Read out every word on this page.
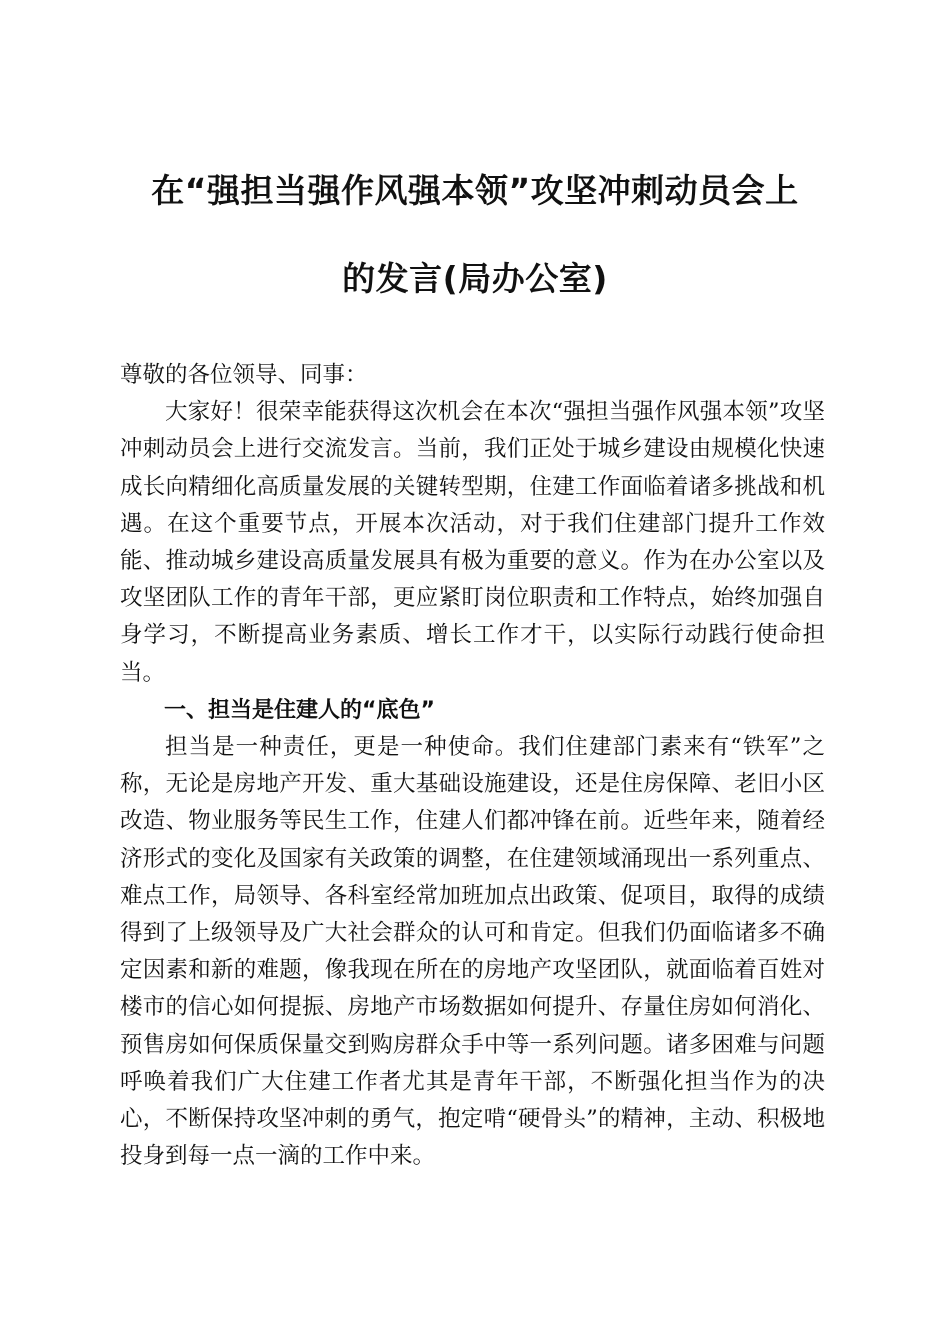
在“强担当强作风强本领”攻坚冲刺动员会上
的发言(局办公室)

尊敬的各位领导、同事：

大家好！很荣幸能获得这次机会在本次“强担当强作风强本领”攻坚冲刺动员会上进行交流发言。当前，我们正处于城乡建设由规模化快速成长向精细化高质量发展的关键转型期，住建工作面临着诸多挑战和机遇。在这个重要节点，开展本次活动，对于我们住建部门提升工作效能、推动城乡建设高质量发展具有极为重要的意义。作为在办公室以及攻坚团队工作的青年干部，更应紧盯岗位职责和工作特点，始终加强自身学习，不断提高业务素质、增长工作才干，以实际行动践行使命担当。

一、担当是住建人的“底色”

担当是一种责任，更是一种使命。我们住建部门素来有“铁军”之称，无论是房地产开发、重大基础设施建设，还是住房保障、老旧小区改造、物业服务等民生工作，住建人们都冲锋在前。近些年来，随着经济形式的变化及国家有关政策的调整，在住建领域涌现出一系列重点、难点工作，局领导、各科室经常加班加点出政策、促项目，取得的成绩得到了上级领导及广大社会群众的认可和肯定。但我们仍面临诸多不确定因素和新的难题，像我现在所在的房地产攻坚团队，就面临着百姓对楼市的信心如何提振、房地产市场数据如何提升、存量住房如何消化、预售房如何保质保量交到购房群众手中等一系列问题。诸多困难与问题呼唤着我们广大住建工作者尤其是青年干部，不断强化担当作为的决心，不断保持攻坚冲刺的勇气，抱定啃“硬骨头”的精神，主动、积极地投身到每一点一滴的工作中来。
